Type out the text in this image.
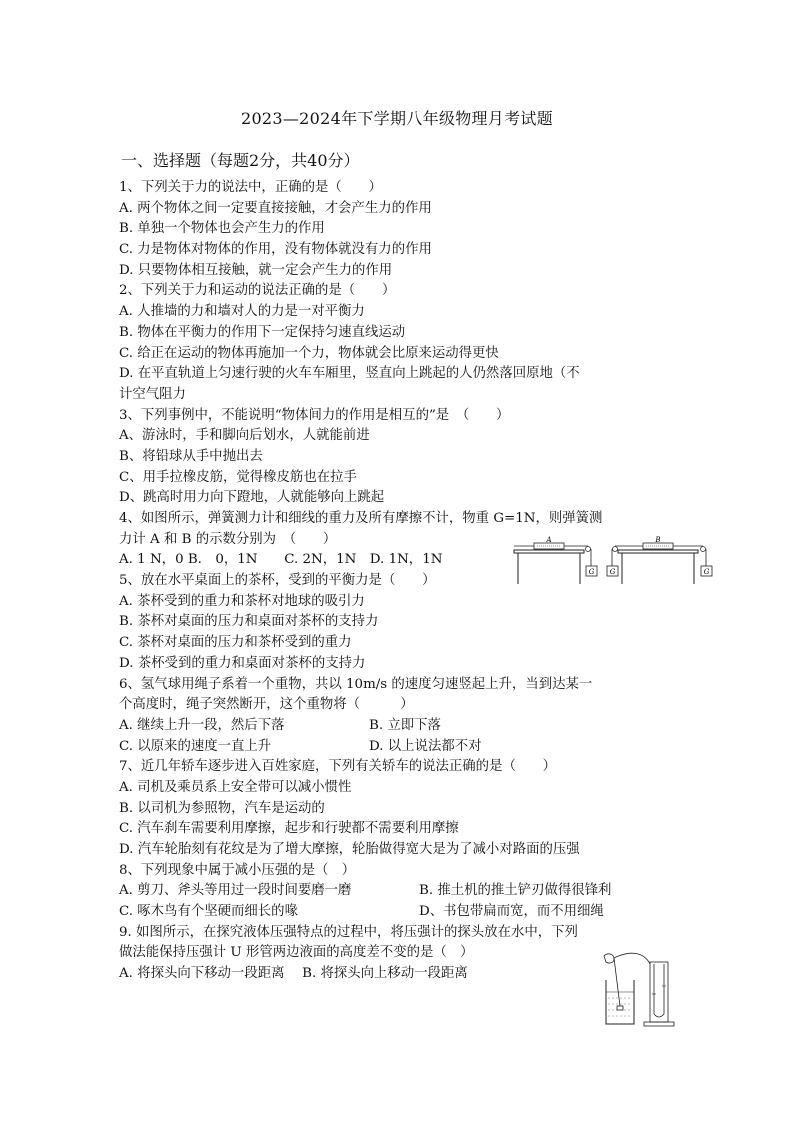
2023—2024年下学期八年级物理月考试题
一、选择题（每题2分，共40分）
1、下列关于力的说法中，正确的是（　　）
A. 两个物体之间一定要直接接触，才会产生力的作用
B. 单独一个物体也会产生力的作用
C. 力是物体对物体的作用，没有物体就没有力的作用
D. 只要物体相互接触，就一定会产生力的作用
2、下列关于力和运动的说法正确的是（　　）
A. 人推墙的力和墙对人的力是一对平衡力
B. 物体在平衡力的作用下一定保持匀速直线运动
C. 给正在运动的物体再施加一个力，物体就会比原来运动得更快
D. 在平直轨道上匀速行驶的火车车厢里，竖直向上跳起的人仍然落回原地（不
计空气阻力
3、下列事例中，不能说明“物体间力的作用是相互的”是　（　　）
A、游泳时，手和脚向后划水，人就能前进
B、将铅球从手中抛出去
C、用手拉橡皮筋，觉得橡皮筋也在拉手
D、跳高时用力向下蹬地，人就能够向上跳起
4、如图所示，弹簧测力计和细线的重力及所有摩擦不计，物重 G=1N，则弹簧测
力计 A 和 B 的示数分别为　（　　）
A. 1 N，0 B.　0，1N　　C. 2N，1N　D. 1N，1N
5、放在水平桌面上的茶杯，受到的平衡力是（　　）
A. 茶杯受到的重力和茶杯对地球的吸引力
B. 茶杯对桌面的压力和桌面对茶杯的支持力
C. 茶杯对桌面的压力和茶杯受到的重力
D. 茶杯受到的重力和桌面对茶杯的支持力
6、氢气球用绳子系着一个重物，共以 10m/s 的速度匀速竖起上升，当到达某一
个高度时，绳子突然断开，这个重物将（　　　）
A. 继续上升一段，然后下落	B. 立即下落
C. 以原来的速度一直上升	D. 以上说法都不对
7、近几年轿车逐步进入百姓家庭，下列有关轿车的说法正确的是（　　）
A. 司机及乘员系上安全带可以减小惯性
B. 以司机为参照物，汽车是运动的
C. 汽车刹车需要利用摩擦，起步和行驶都不需要利用摩擦
D. 汽车轮胎刻有花纹是为了增大摩擦，轮胎做得宽大是为了减小对路面的压强
8、下列现象中属于减小压强的是（　）
A. 剪刀、斧头等用过一段时间要磨一磨	B. 推土机的推土铲刃做得很锋利
C. 啄木鸟有个坚硬而细长的喙	D、书包带扁而宽，而不用细绳
9. 如图所示，在探究液体压强特点的过程中，将压强计的探头放在水中，下列
做法能保持压强计 U 形管两边液面的高度差不变的是（　）
A. 将探头向下移动一段距离　 B. 将探头向上移动一段距离
G
A
G	G
B
